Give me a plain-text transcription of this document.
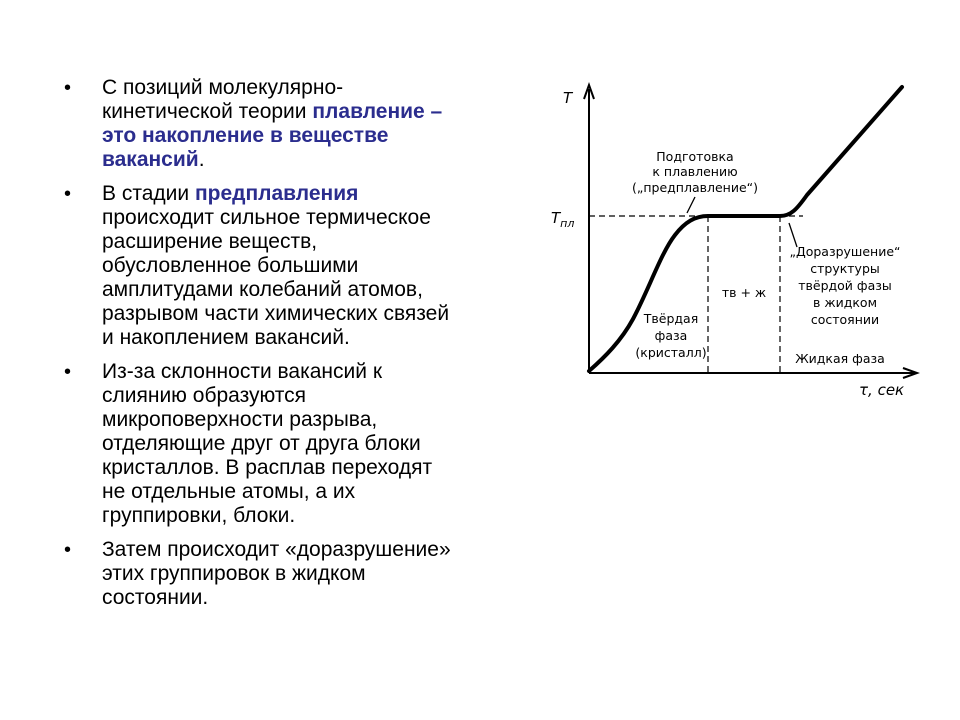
• С позиций молекулярно-
кинетической теории плавление –
это накопление в веществе
вакансий.
• В стадии предплавления
происходит сильное термическое
расширение веществ,
обусловленное большими
амплитудами колебаний атомов,
разрывом части химических связей
и накоплением вакансий.
• Из-за склонности вакансий к
слиянию образуются
микроповерхности разрыва,
отделяющие друг от друга блоки
кристаллов. В расплав переходят
не отдельные атомы, а их
группировки, блоки.
• Затем происходит «доразрушение»
этих группировок в жидком
состоянии.
T
τ, сек
$T_{пл}$
Подготовка
к плавлению
(„предплавление“)
„Доразрушение“
структуры
твёрдой фазы
в жидком
состоянии
Твёрдая
фаза
(кристалл)
тв + ж
Жидкая фаза
